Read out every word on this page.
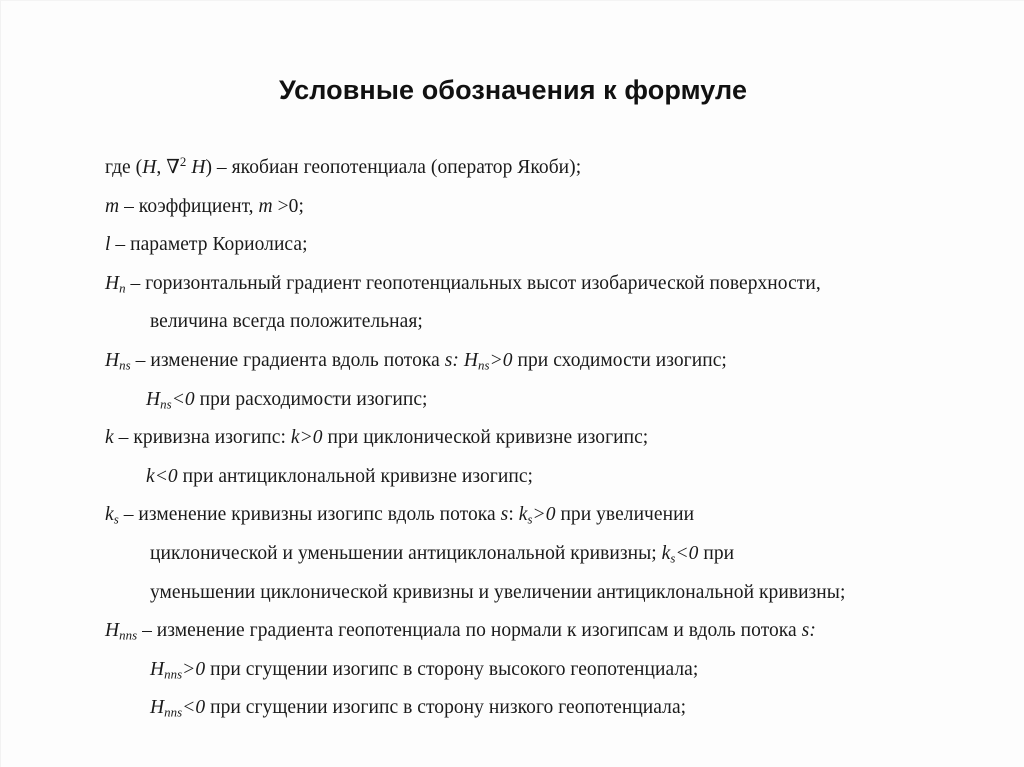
Условные обозначения к формуле
где (H, ∇$^2$ H) – якобиан геопотенциала (оператор Якоби);
m – коэффициент, m >0;
l – параметр Кориолиса;
$H_n$ – горизонтальный градиент геопотенциальных высот изобарической поверхности,
величина всегда положительная;
$H_{ns}$ – изменение градиента вдоль потока s: $H_{ns}>0$ при сходимости изогипс;
$H_{ns}<0$ при расходимости изогипс;
k – кривизна изогипс: k>0 при циклонической кривизне изогипс;
k<0 при антициклональной кривизне изогипс;
$k_s$ – изменение кривизны изогипс вдоль потока s: $k_s>0$ при увеличении
циклонической и уменьшении антициклональной кривизны; $k_s<0$ при
уменьшении циклонической кривизны и увеличении антициклональной кривизны;
$H_{nns}$ – изменение градиента геопотенциала по нормали к изогипсам и вдоль потока s:
$H_{nns}>0$ при сгущении изогипс в сторону высокого геопотенциала;
$H_{nns}<0$ при сгущении изогипс в сторону низкого геопотенциала;
